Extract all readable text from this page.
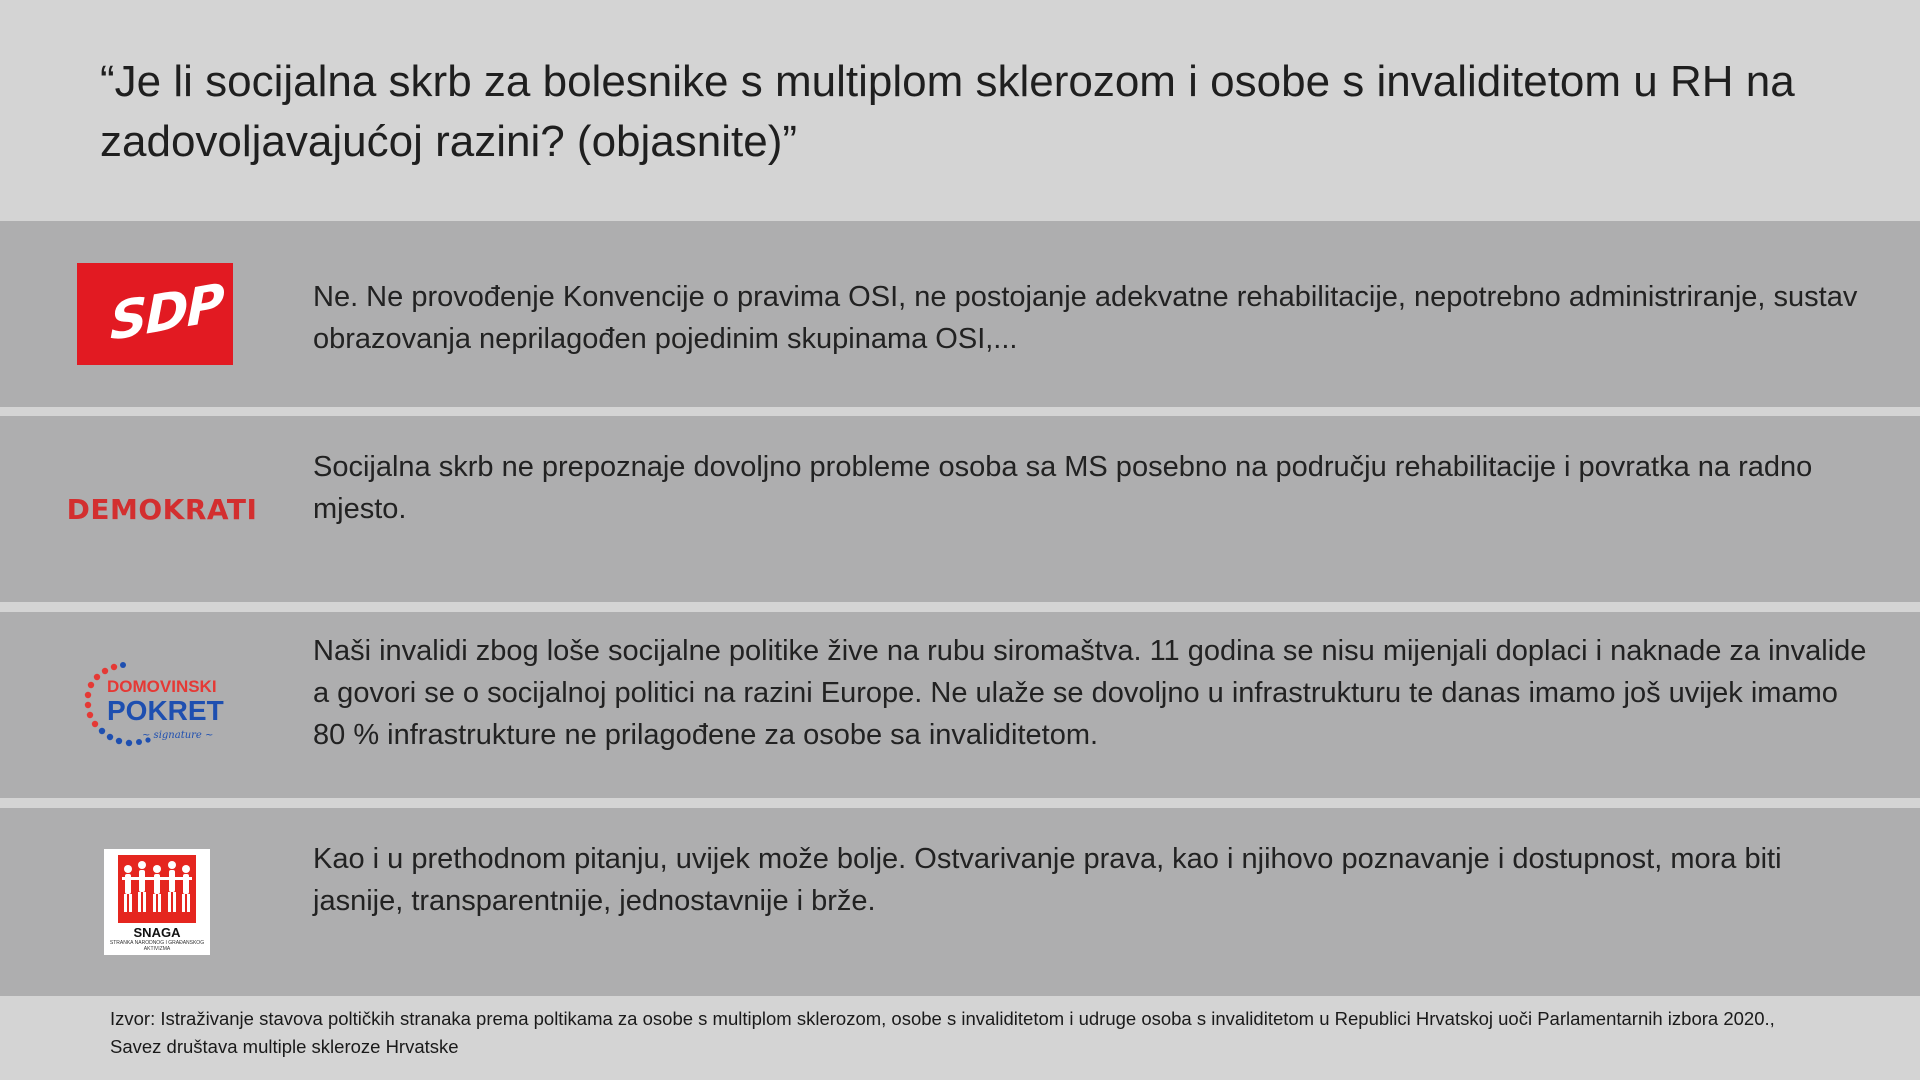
“Je li socijalna skrb za bolesnike s multiplom sklerozom i osobe s invaliditetom u RH na zadovoljavajućoj razini? (objasnite)”
SDP	Ne. Ne provođenje Konvencije o pravima OSI, ne postojanje adekvatne rehabilitacije, nepotrebno administriranje, sustav obrazovanja neprilagođen pojedinim skupinama OSI,...
DEMOKRATI
Socijalna skrb ne prepoznaje dovoljno probleme osoba sa MS posebno na području rehabilitacije i povratka na radno mjesto.
DOMOVINSKI
POKRET
~ signature ~
Naši invalidi zbog loše socijalne politike žive na rubu siromaštva. 11 godina se nisu mijenjali doplaci i naknade za invalide a govori se o socijalnoj politici na razini Europe. Ne ulaže se dovoljno u infrastrukturu te danas imamo još uvijek imamo 80 % infrastrukture ne prilagođene za osobe sa invaliditetom.
SNAGA
STRANKA NARODNOG I GRAĐANSKOG AKTIVIZMA
Kao i u prethodnom pitanju, uvijek može bolje. Ostvarivanje prava, kao i njihovo poznavanje i dostupnost, mora biti jasnije, transparentnije, jednostavnije i brže.
Izvor: Istraživanje stavova poltičkih stranaka prema poltikama za osobe s multiplom sklerozom, osobe s invaliditetom i udruge osoba s invaliditetom u Republici Hrvatskoj uoči Parlamentarnih izbora 2020., Savez društava multiple skleroze Hrvatske
